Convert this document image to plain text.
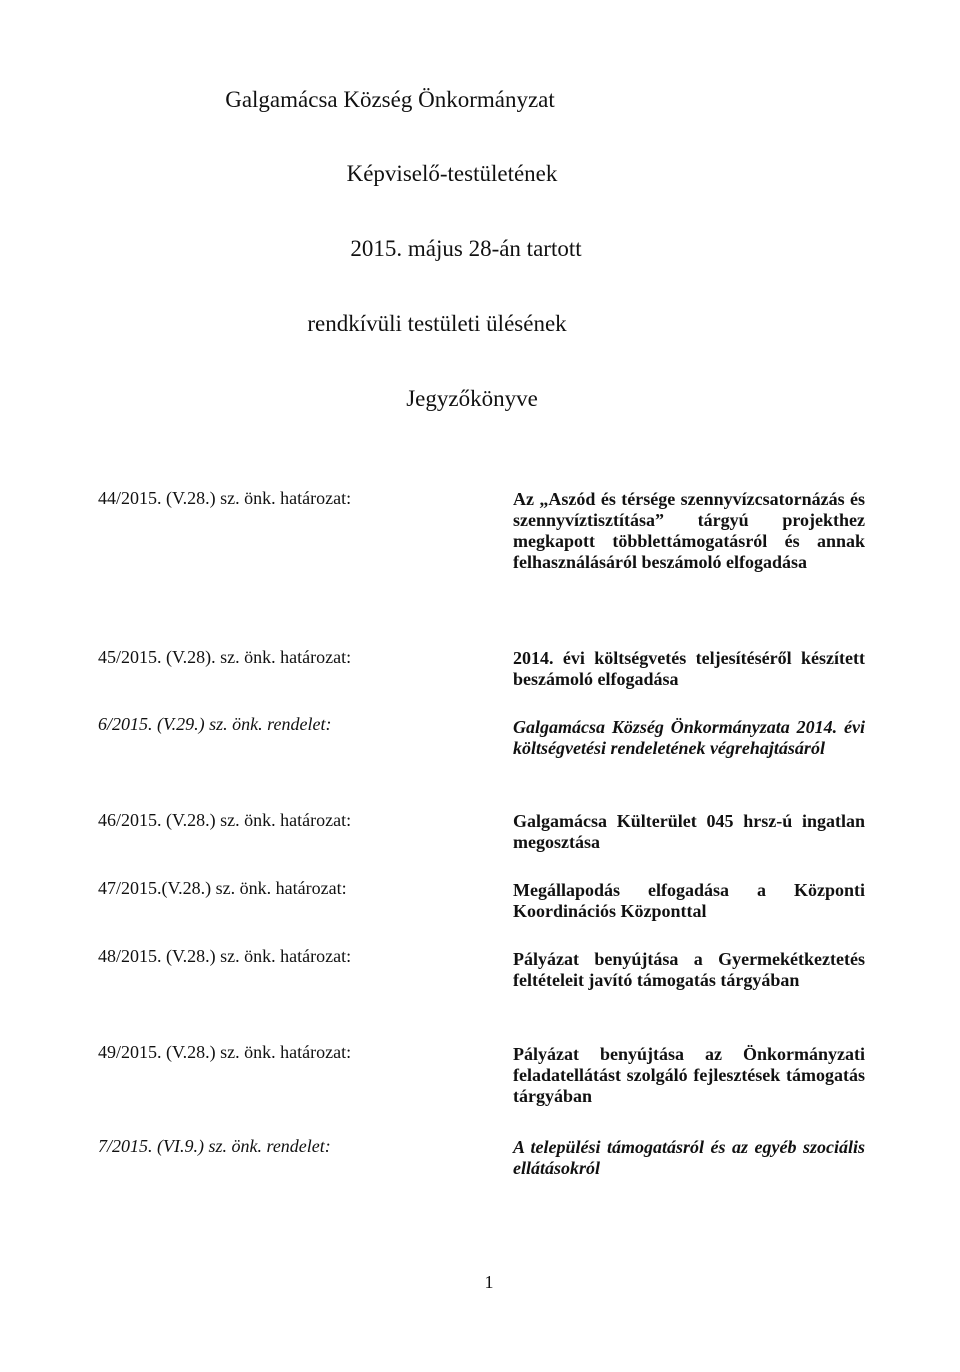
Galgamácsa Község Önkormányzat
Képviselő-testületének
2015. május 28-án tartott
rendkívüli testületi ülésének
Jegyzőkönyve
44/2015. (V.28.) sz. önk. határozat:	Az „Aszód és térsége szennyvízcsatornázás és szennyvíztisztítása” tárgyú projekthez megkapott többlettámogatásról és annak felhasználásáról beszámoló elfogadása
45/2015. (V.28). sz. önk. határozat:	2014. évi költségvetés teljesítéséről készített beszámoló elfogadása
6/2015. (V.29.) sz. önk. rendelet:	Galgamácsa Község Önkormányzata 2014. évi költségvetési rendeletének végrehajtásáról
46/2015. (V.28.) sz. önk. határozat:	Galgamácsa Külterület 045 hrsz-ú ingatlan megosztása
47/2015.(V.28.) sz. önk. határozat:	Megállapodás elfogadása a Központi Koordinációs Központtal
48/2015. (V.28.) sz. önk. határozat:	Pályázat benyújtása a Gyermekétkeztetés feltételeit javító támogatás tárgyában
49/2015. (V.28.) sz. önk. határozat:	Pályázat benyújtása az Önkormányzati feladatellátást szolgáló fejlesztések támogatás tárgyában
7/2015. (VI.9.) sz. önk. rendelet:	A települési támogatásról és az egyéb szociális ellátásokról
1
